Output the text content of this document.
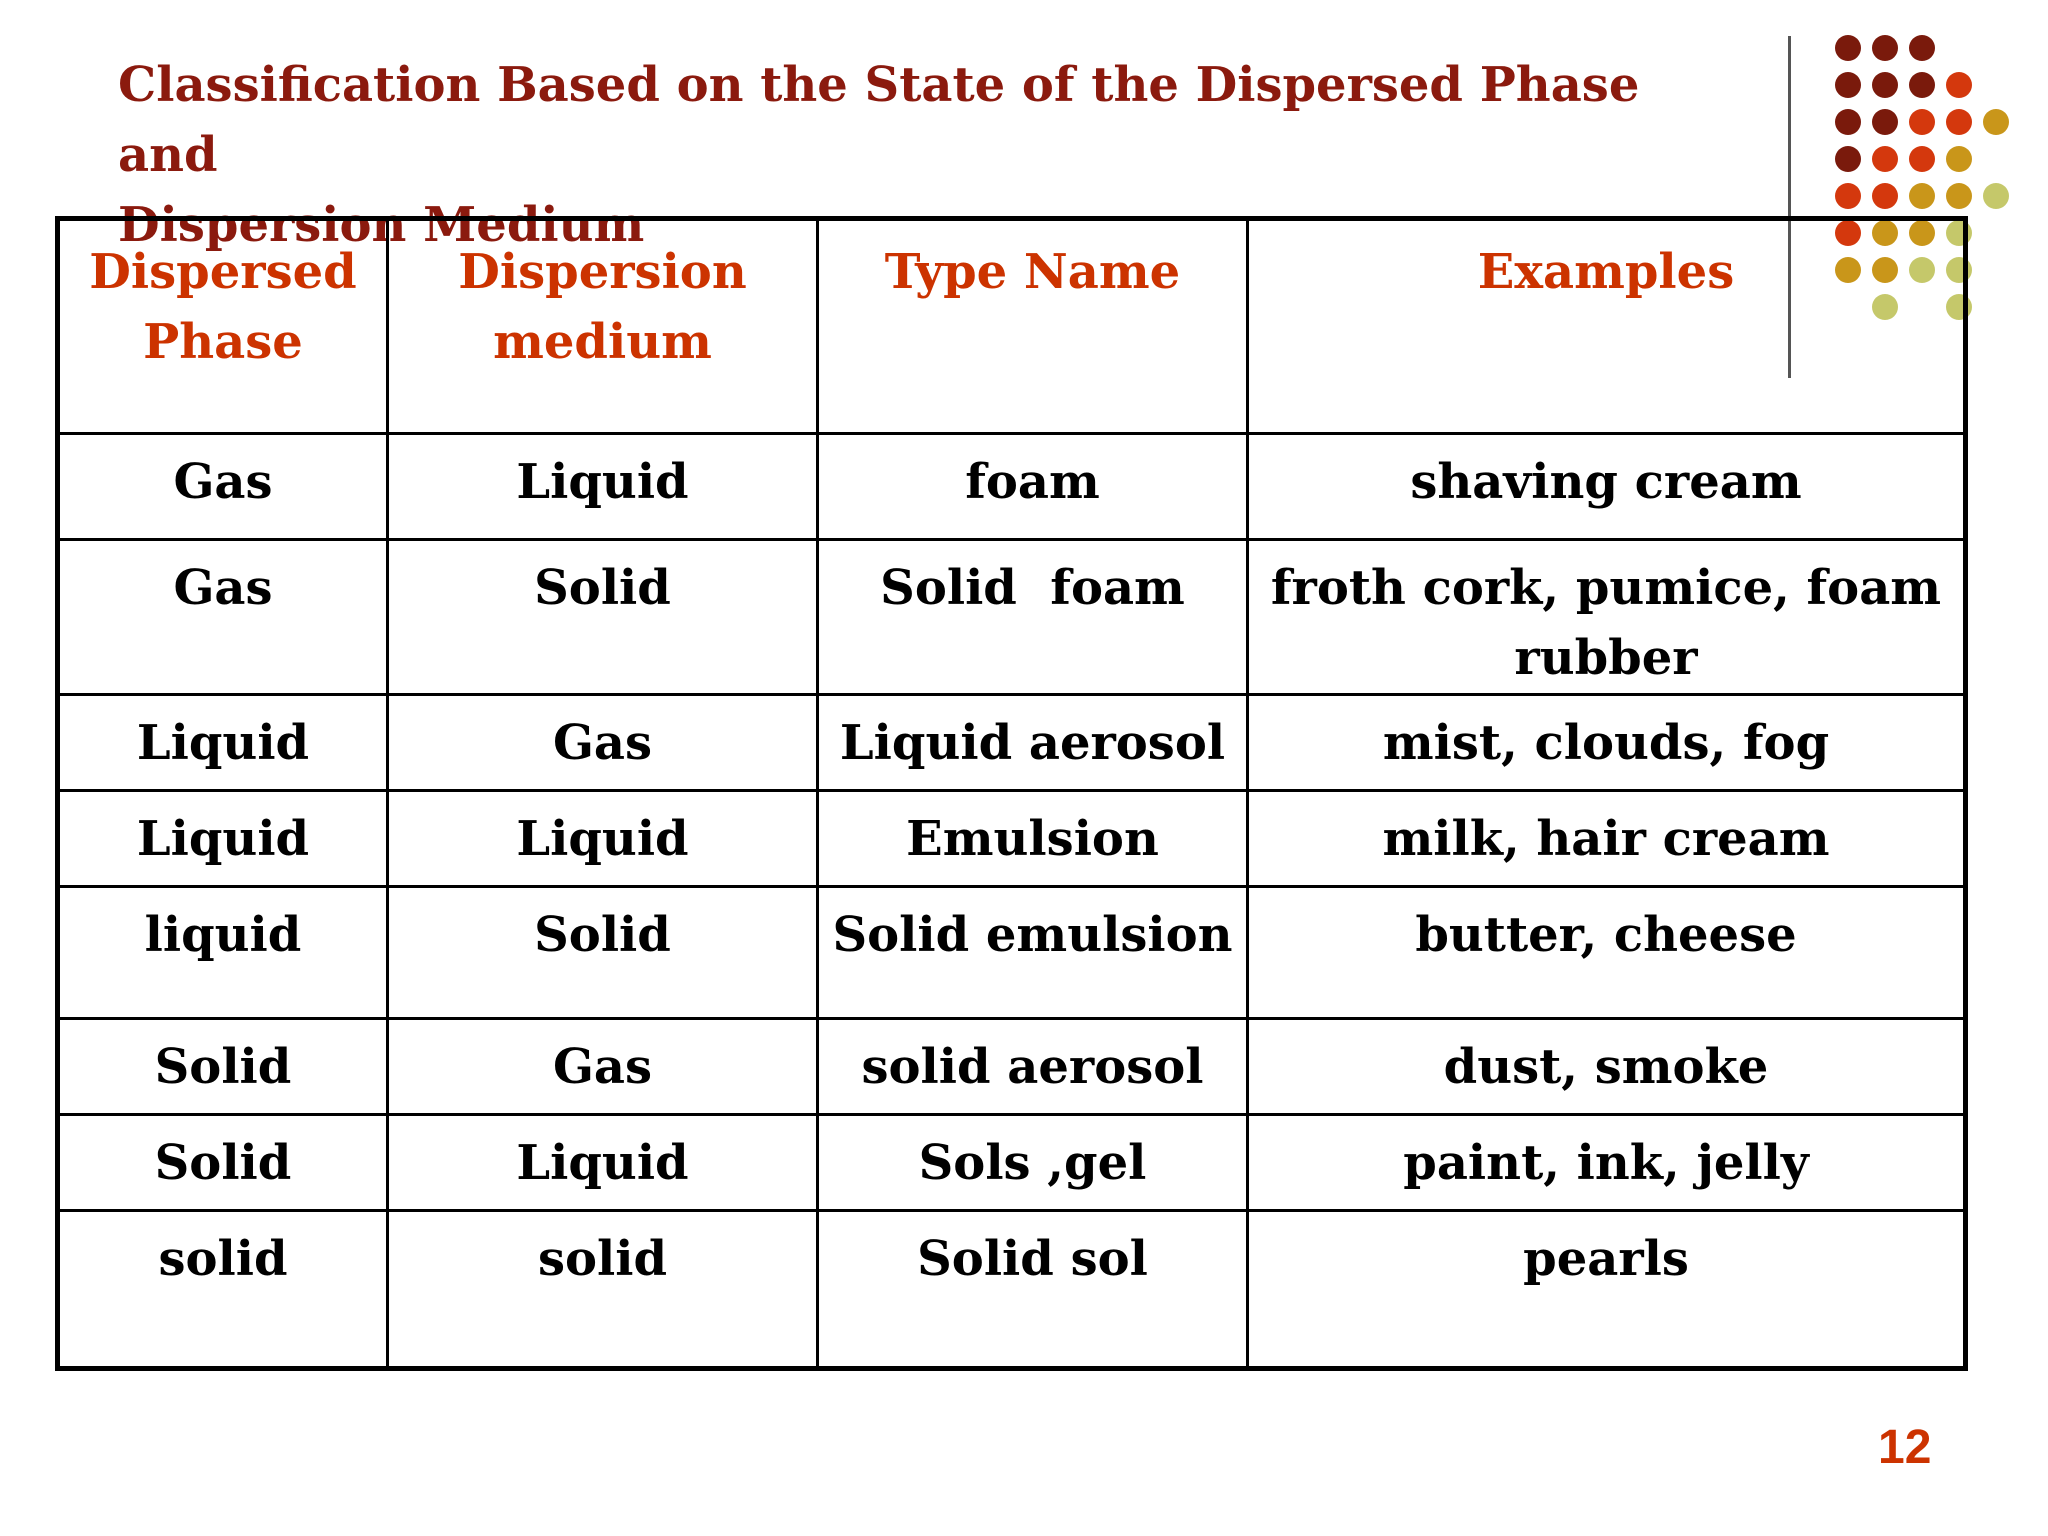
Classification Based on the State of the Dispersed Phase and
Dispersion Medium
Dispersed Phase	Dispersion medium	Type Name	Examples
Gas	Liquid	foam	shaving cream
Gas	Solid	Solid  foam	froth cork, pumice, foam rubber
Liquid	Gas	Liquid aerosol	mist, clouds, fog
Liquid	Liquid	Emulsion	milk, hair cream
liquid	Solid	Solid emulsion	butter, cheese
Solid	Gas	solid aerosol	dust, smoke
Solid	Liquid	Sols ,gel	paint, ink, jelly
solid	solid	Solid sol	pearls
12
